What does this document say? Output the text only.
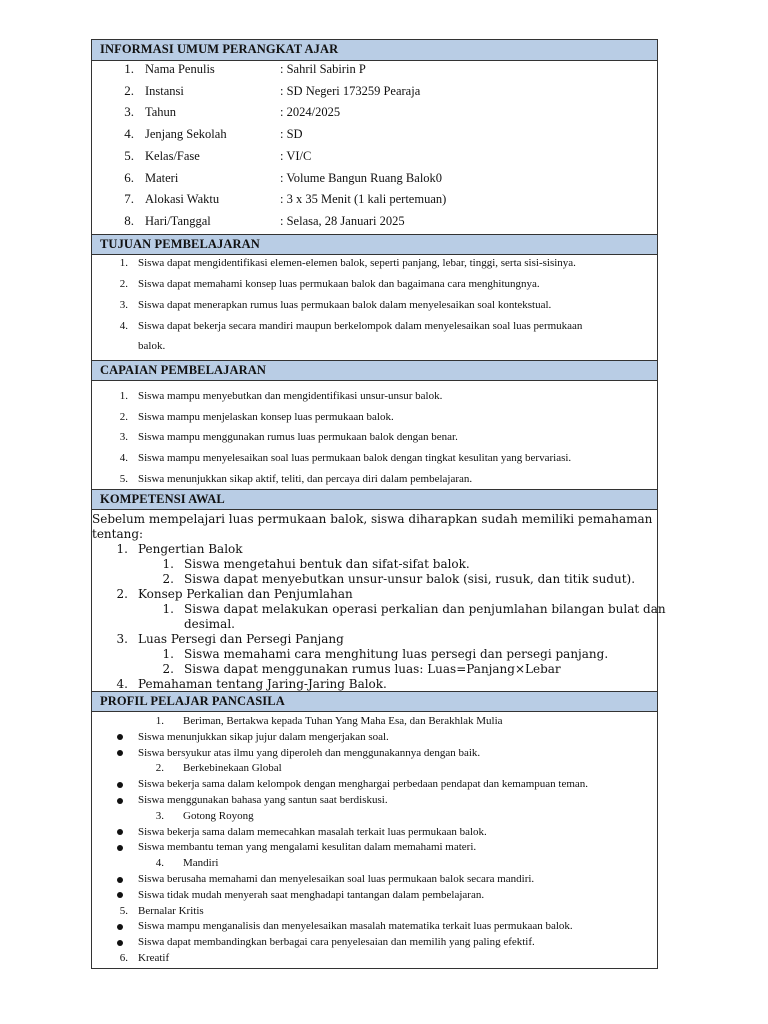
INFORMASI UMUM PERANGKAT AJAR
1. Nama Penulis	: Sahril Sabirin P
2. Instansi	: SD Negeri 173259 Pearaja
3. Tahun	: 2024/2025
4. Jenjang Sekolah	: SD
5. Kelas/Fase	: VI/C
6. Materi	: Volume Bangun Ruang Balok0
7. Alokasi Waktu	: 3 x 35 Menit (1 kali pertemuan)
8. Hari/Tanggal	: Selasa, 28 Januari 2025
TUJUAN PEMBELAJARAN
1. Siswa dapat mengidentifikasi elemen-elemen balok, seperti panjang, lebar, tinggi, serta sisi-sisinya.
2. Siswa dapat memahami konsep luas permukaan balok dan bagaimana cara menghitungnya.
3. Siswa dapat menerapkan rumus luas permukaan balok dalam menyelesaikan soal kontekstual.
4. Siswa dapat bekerja secara mandiri maupun berkelompok dalam menyelesaikan soal luas permukaan
balok.
CAPAIAN PEMBELAJARAN
1. Siswa mampu menyebutkan dan mengidentifikasi unsur-unsur balok.
2. Siswa mampu menjelaskan konsep luas permukaan balok.
3. Siswa mampu menggunakan rumus luas permukaan balok dengan benar.
4. Siswa mampu menyelesaikan soal luas permukaan balok dengan tingkat kesulitan yang bervariasi.
5. Siswa menunjukkan sikap aktif, teliti, dan percaya diri dalam pembelajaran.
KOMPETENSI AWAL
Sebelum mempelajari luas permukaan balok, siswa diharapkan sudah memiliki pemahaman
tentang:
1. Pengertian Balok
1. Siswa mengetahui bentuk dan sifat-sifat balok.
2. Siswa dapat menyebutkan unsur-unsur balok (sisi, rusuk, dan titik sudut).
2. Konsep Perkalian dan Penjumlahan
1. Siswa dapat melakukan operasi perkalian dan penjumlahan bilangan bulat dan
desimal.
3. Luas Persegi dan Persegi Panjang
1. Siswa memahami cara menghitung luas persegi dan persegi panjang.
2. Siswa dapat menggunakan rumus luas: Luas=Panjang×Lebar
4. Pemahaman tentang Jaring-Jaring Balok.
PROFIL PELAJAR PANCASILA
1. Beriman, Bertakwa kepada Tuhan Yang Maha Esa, dan Berakhlak Mulia
Siswa menunjukkan sikap jujur dalam mengerjakan soal.
Siswa bersyukur atas ilmu yang diperoleh dan menggunakannya dengan baik.
2. Berkebinekaan Global
Siswa bekerja sama dalam kelompok dengan menghargai perbedaan pendapat dan kemampuan teman.
Siswa menggunakan bahasa yang santun saat berdiskusi.
3. Gotong Royong
Siswa bekerja sama dalam memecahkan masalah terkait luas permukaan balok.
Siswa membantu teman yang mengalami kesulitan dalam memahami materi.
4. Mandiri
Siswa berusaha memahami dan menyelesaikan soal luas permukaan balok secara mandiri.
Siswa tidak mudah menyerah saat menghadapi tantangan dalam pembelajaran.
5. Bernalar Kritis
Siswa mampu menganalisis dan menyelesaikan masalah matematika terkait luas permukaan balok.
Siswa dapat membandingkan berbagai cara penyelesaian dan memilih yang paling efektif.
6. Kreatif
